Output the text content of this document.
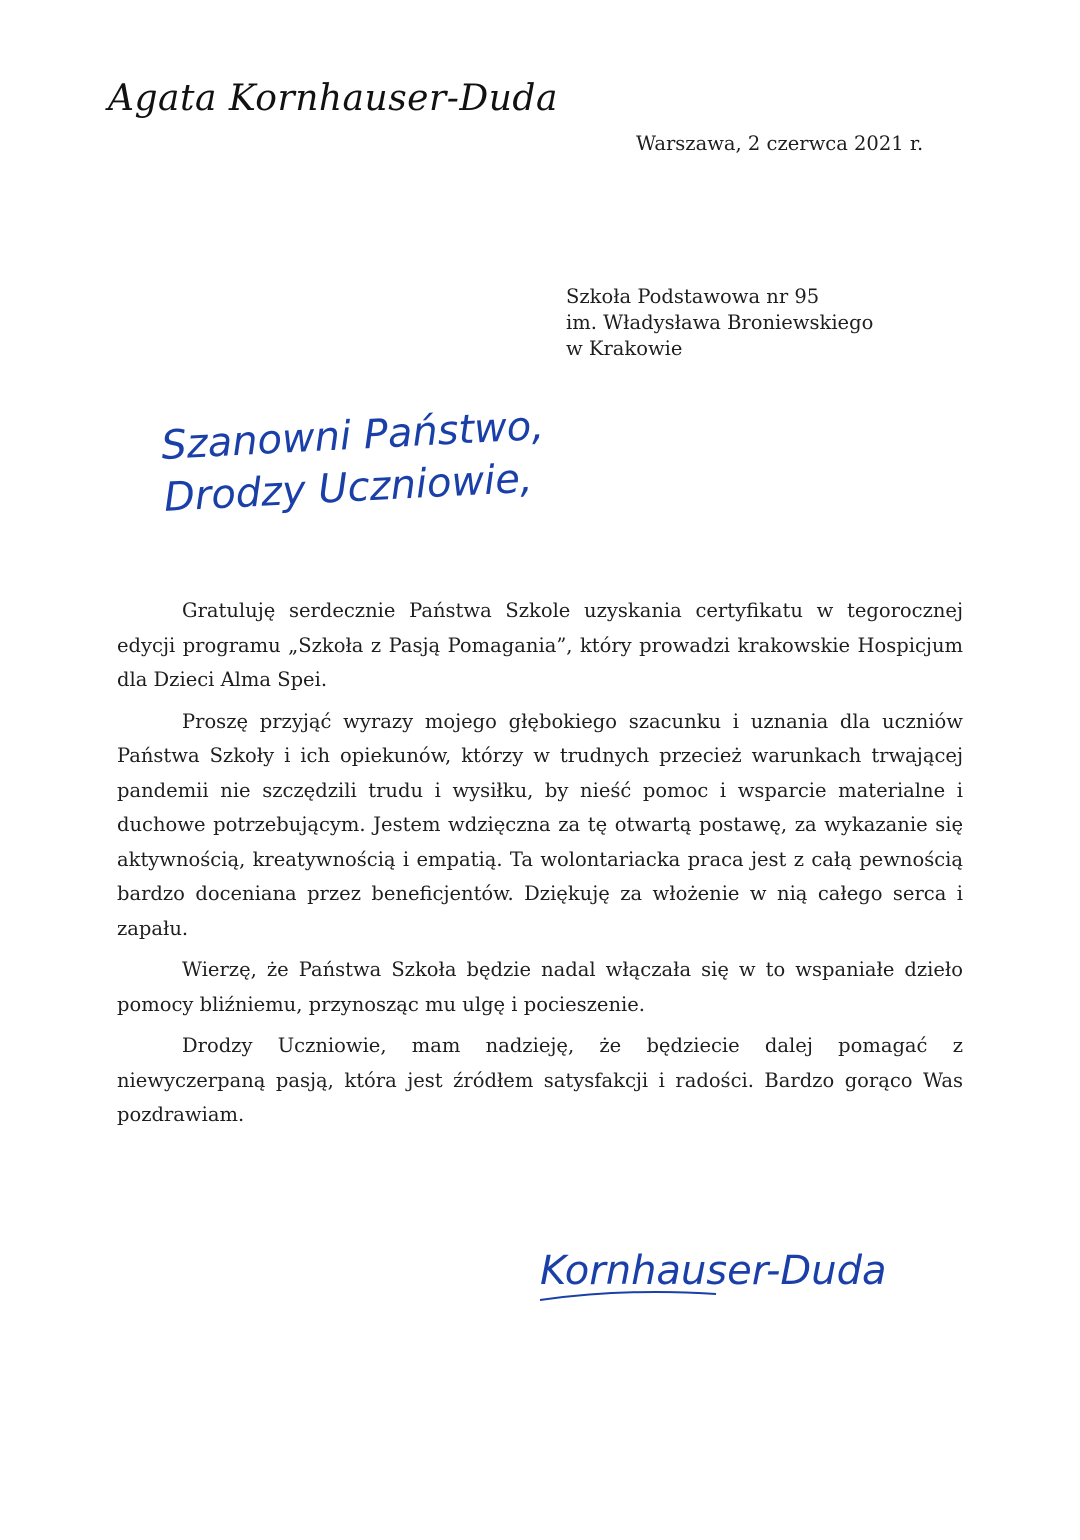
Agata Kornhauser-Duda
Warszawa, 2 czerwca 2021 r.
Szkoła Podstawowa nr 95
im. Władysława Broniewskiego
w Krakowie
Szanowni Państwo,
Drodzy Uczniowie,

Gratuluję serdecznie Państwa Szkole uzyskania certyfikatu w tegorocznej edycji programu „Szkoła z Pasją Pomagania”, który prowadzi krakowskie Hospicjum dla Dzieci Alma Spei.

Proszę przyjąć wyrazy mojego głębokiego szacunku i uznania dla uczniów Państwa Szkoły i ich opiekunów, którzy w trudnych przecież warunkach trwającej pandemii nie szczędzili trudu i wysiłku, by nieść pomoc i wsparcie materialne i duchowe potrzebującym. Jestem wdzięczna za tę otwartą postawę, za wykazanie się aktywnością, kreatywnością i empatią. Ta wolontariacka praca jest z całą pewnością bardzo doceniana przez beneficjentów. Dziękuję za włożenie w nią całego serca i zapału.

Wierzę, że Państwa Szkoła będzie nadal włączała się w to wspaniałe dzieło pomocy bliźniemu, przynosząc mu ulgę i pocieszenie.

Drodzy Uczniowie, mam nadzieję, że będziecie dalej pomagać z niewyczerpaną pasją, która jest źródłem satysfakcji i radości. Bardzo gorąco Was pozdrawiam.

Kornhauser-Duda
